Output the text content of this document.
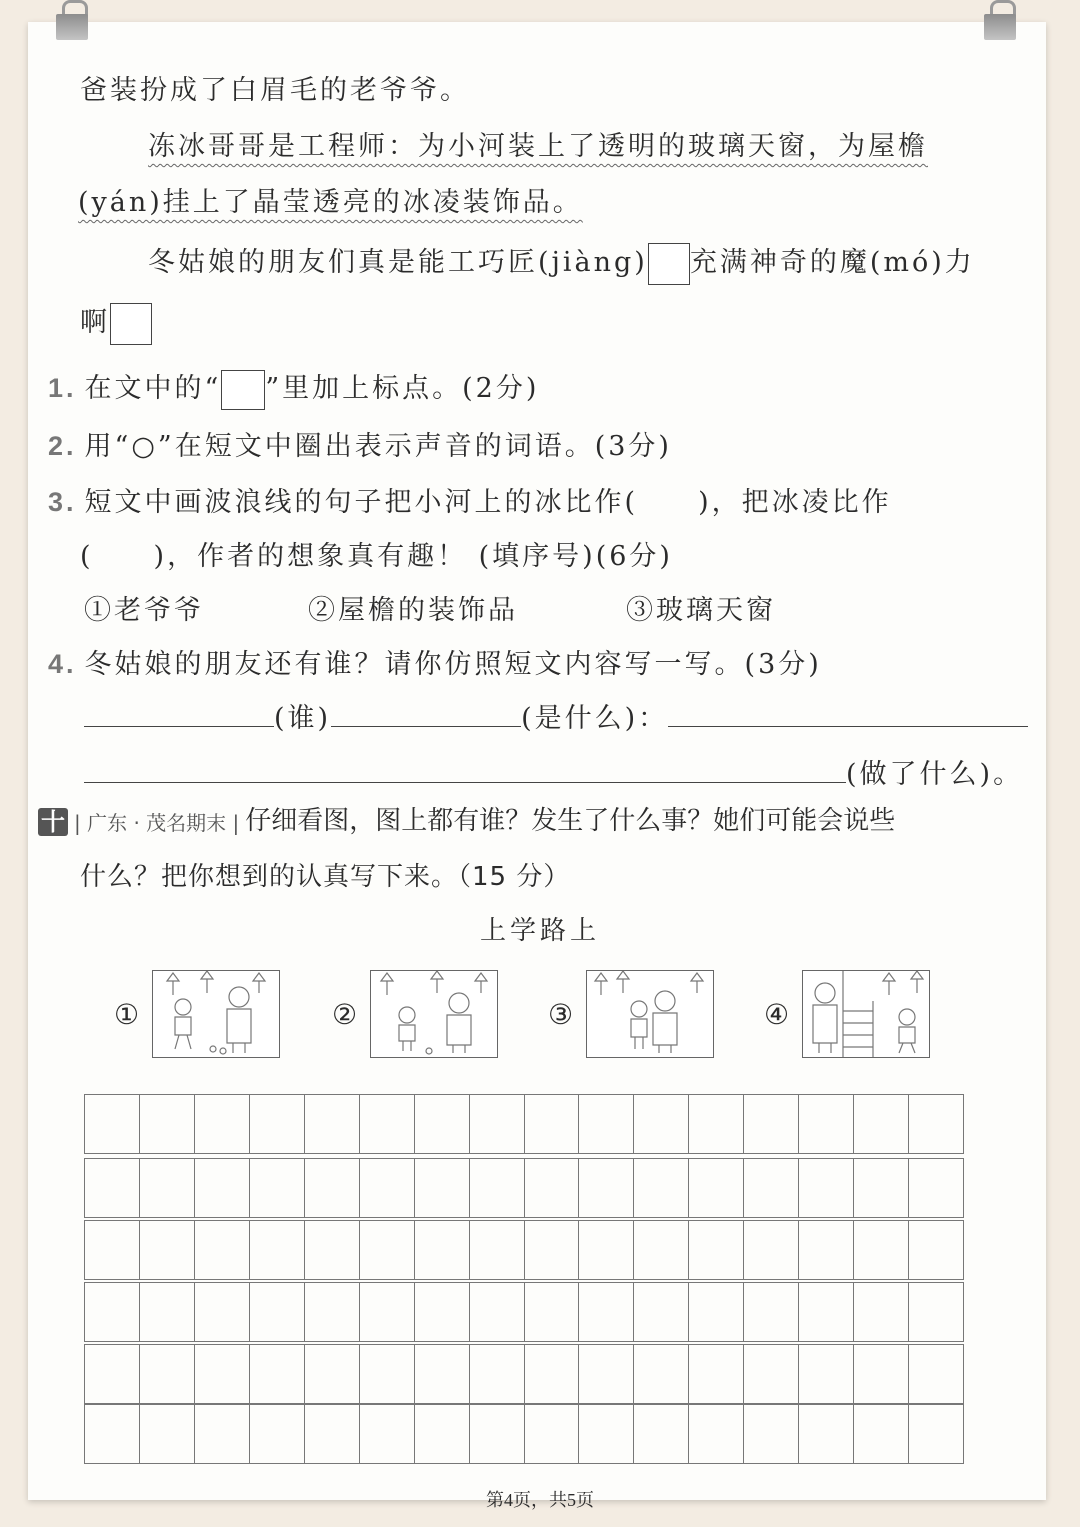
爸装扮成了白眉毛的老爷爷。
冻冰哥哥是工程师：为小河装上了透明的玻璃天窗，为屋檐
(yán)挂上了晶莹透亮的冰凌装饰品。
冬姑娘的朋友们真是能工巧匠(jiàng) 充满神奇的魔(mó)力
啊
1. 在文中的“ ”里加上标点。(2分)
2. 用“○”在短文中圈出表示声音的词语。(3分)
3. 短文中画波浪线的句子把小河上的冰比作(　　)，把冰凌比作
(　　)，作者的想象真有趣！ (填序号)(6分)
①老爷爷	②屋檐的装饰品	③玻璃天窗
4. 冬姑娘的朋友还有谁？请你仿照短文内容写一写。(3分)
(谁)	(是什么)：
(做了什么)。
十 | 广东 · 茂名期末 | 仔细看图，图上都有谁？发生了什么事？她们可能会说些
什么？把你想到的认真写下来。（15 分）
上学路上
①	②	③	④
第4页，共5页
